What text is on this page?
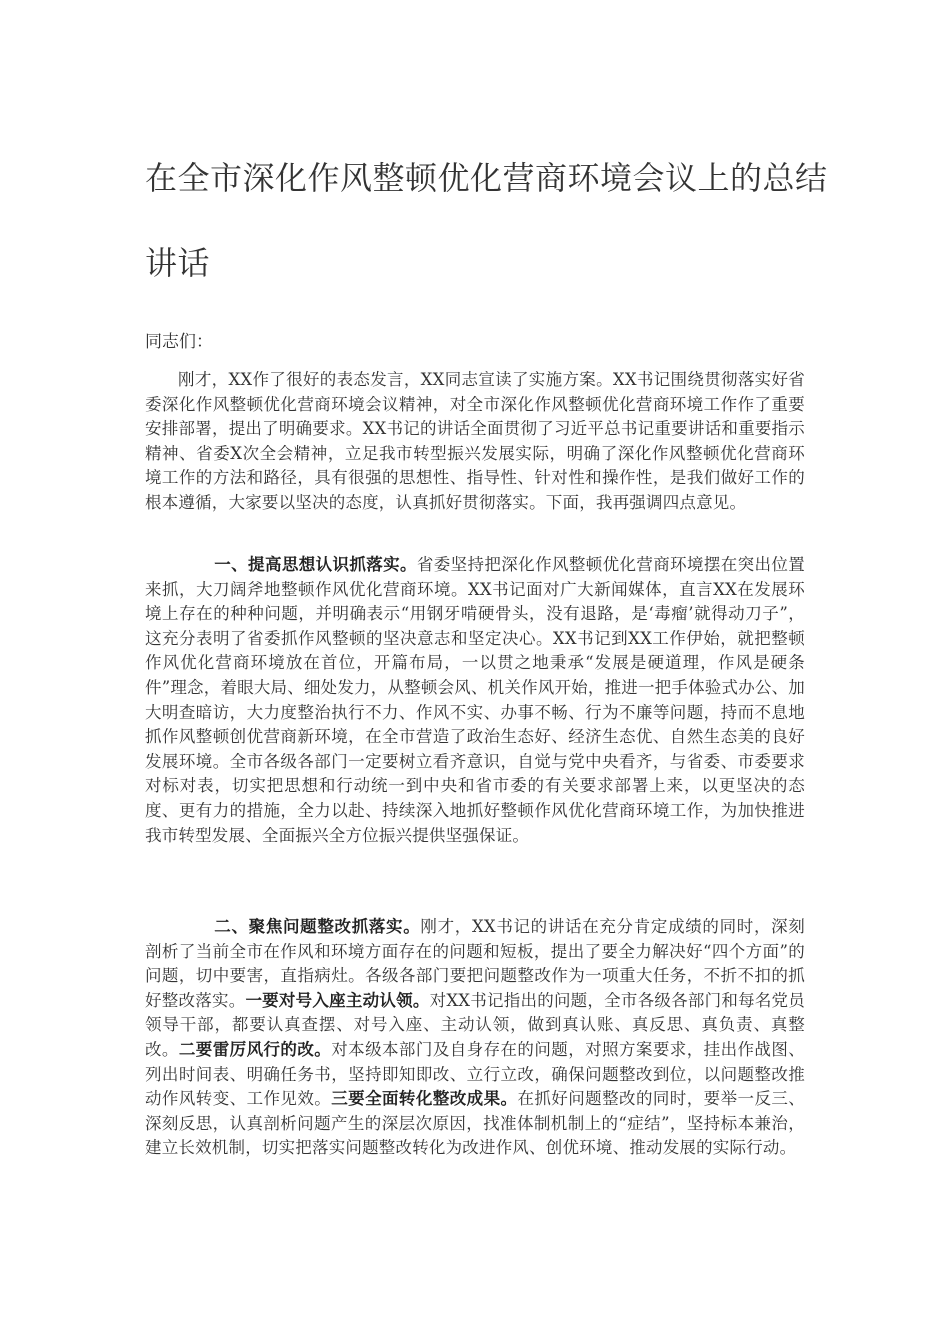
在全市深化作风整顿优化营商环境会议上的总结
讲话
同志们：

刚才，XX作了很好的表态发言，XX同志宣读了实施方案。XX书记围绕贯彻落实好省委深化作风整顿优化营商环境会议精神，对全市深化作风整顿优化营商环境工作作了重要安排部署，提出了明确要求。XX书记的讲话全面贯彻了习近平总书记重要讲话和重要指示精神、省委X次全会精神，立足我市转型振兴发展实际，明确了深化作风整顿优化营商环境工作的方法和路径，具有很强的思想性、指导性、针对性和操作性，是我们做好工作的根本遵循，大家要以坚决的态度，认真抓好贯彻落实。下面，我再强调四点意见。

一、提高思想认识抓落实。省委坚持把深化作风整顿优化营商环境摆在突出位置来抓，大刀阔斧地整顿作风优化营商环境。XX书记面对广大新闻媒体，直言XX在发展环境上存在的种种问题，并明确表示“用钢牙啃硬骨头，没有退路，是‘毒瘤’就得动刀子”，这充分表明了省委抓作风整顿的坚决意志和坚定决心。XX书记到XX工作伊始，就把整顿作风优化营商环境放在首位，开篇布局，一以贯之地秉承“发展是硬道理，作风是硬条件”理念，着眼大局、细处发力，从整顿会风、机关作风开始，推进一把手体验式办公、加大明查暗访，大力度整治执行不力、作风不实、办事不畅、行为不廉等问题，持而不息地抓作风整顿创优营商新环境，在全市营造了政治生态好、经济生态优、自然生态美的良好发展环境。全市各级各部门一定要树立看齐意识，自觉与党中央看齐，与省委、市委要求对标对表，切实把思想和行动统一到中央和省市委的有关要求部署上来，以更坚决的态度、更有力的措施，全力以赴、持续深入地抓好整顿作风优化营商环境工作，为加快推进我市转型发展、全面振兴全方位振兴提供坚强保证。

二、聚焦问题整改抓落实。刚才，XX书记的讲话在充分肯定成绩的同时，深刻剖析了当前全市在作风和环境方面存在的问题和短板，提出了要全力解决好“四个方面”的问题，切中要害，直指病灶。各级各部门要把问题整改作为一项重大任务，不折不扣的抓好整改落实。一要对号入座主动认领。对XX书记指出的问题，全市各级各部门和每名党员领导干部，都要认真查摆、对号入座、主动认领，做到真认账、真反思、真负责、真整改。二要雷厉风行的改。对本级本部门及自身存在的问题，对照方案要求，挂出作战图、列出时间表、明确任务书，坚持即知即改、立行立改，确保问题整改到位，以问题整改推动作风转变、工作见效。三要全面转化整改成果。在抓好问题整改的同时，要举一反三、深刻反思，认真剖析问题产生的深层次原因，找准体制机制上的“症结”，坚持标本兼治，建立长效机制，切实把落实问题整改转化为改进作风、创优环境、推动发展的实际行动。
